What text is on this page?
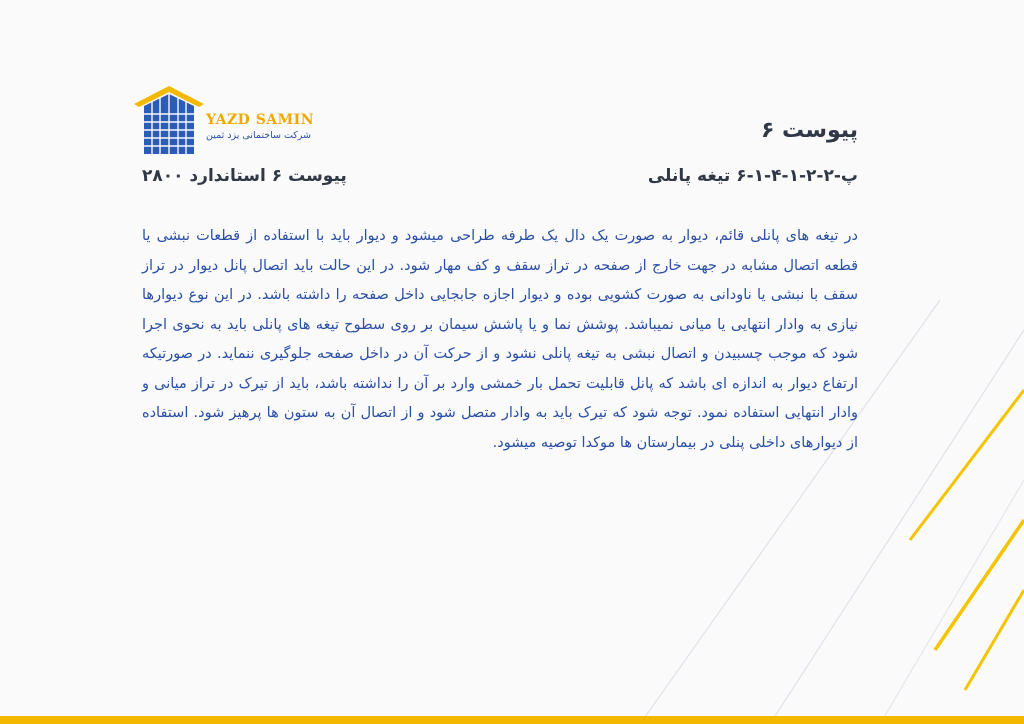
YAZD SAMIN
شرکت ساختمانی یزد ثمین	پیوست ۶
پ-۲-۲-۱-۴-۱-۶ تیغه پانلی
پیوست ۶ استاندارد ۲۸۰۰
در تیغه های پانلی قائم، دیوار به صورت یک دال یک طرفه طراحی میشود و دیوار باید با استفاده از قطعات نبشی یا قطعه اتصال مشابه در جهت خارج از صفحه در تراز سقف و کف مهار شود. در این حالت باید اتصال پانل دیوار در تراز سقف با نبشی یا ناودانی به صورت کشویی بوده و دیوار اجازه جابجایی داخل صفحه را داشته باشد. در این نوع دیوارها نیازی به وادار انتهایی یا میانی نمیباشد. پوشش نما و یا پاشش سیمان بر روی سطوح تیغه های پانلی باید به نحوی اجرا شود که موجب چسبیدن و اتصال نبشی به تیغه پانلی نشود و از حرکت آن در داخل صفحه جلوگیری ننماید. در صورتیکه ارتفاع دیوار به اندازه ای باشد که پانل قابلیت تحمل بار خمشی وارد بر آن را نداشته باشد، باید از تیرک در تراز میانی و وادار انتهایی استفاده نمود. توجه شود که تیرک باید به وادار متصل شود و از اتصال آن به ستون ها پرهیز شود. استفاده از دیوارهای داخلی پنلی در بیمارستان ها موکدا توصیه میشود.
